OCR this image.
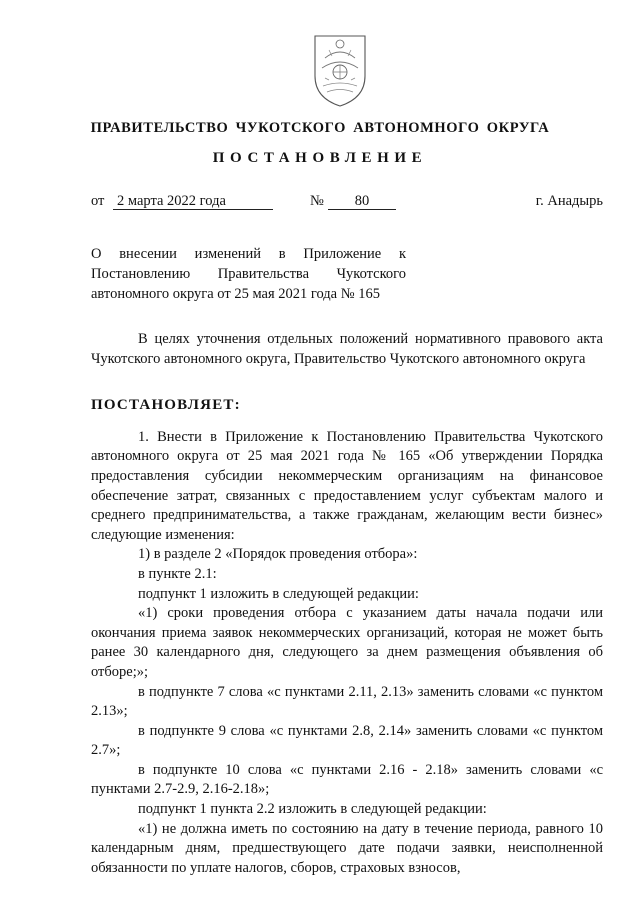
ПРАВИТЕЛЬСТВО ЧУКОТСКОГО АВТОНОМНОГО ОКРУГА
ПОСТАНОВЛЕНИЕ
от 2 марта 2022 года	№	80	г. Анадырь
О внесении изменений в Приложение к Постановлению Правительства Чукотского автономного округа от 25 мая 2021 года № 165

В целях уточнения отдельных положений нормативного правового акта Чукотского автономного округа, Правительство Чукотского автономного округа

ПОСТАНОВЛЯЕТ:

1. Внести в Приложение к Постановлению Правительства Чукотского автономного округа от 25 мая 2021 года № 165 «Об утверждении Порядка предоставления субсидии некоммерческим организациям на финансовое обеспечение затрат, связанных с предоставлением услуг субъектам малого и среднего предпринимательства, а также гражданам, желающим вести бизнес» следующие изменения:

1) в разделе 2 «Порядок проведения отбора»:

в пункте 2.1:

подпункт 1 изложить в следующей редакции:

«1) сроки проведения отбора с указанием даты начала подачи или окончания приема заявок некоммерческих организаций, которая не может быть ранее 30 календарного дня, следующего за днем размещения объявления об отборе;»;

в подпункте 7 слова «с пунктами 2.11, 2.13» заменить словами «с пунктом 2.13»;

в подпункте 9 слова «с пунктами 2.8, 2.14» заменить словами «с пунктом 2.7»;

в подпункте 10 слова «с пунктами 2.16 - 2.18» заменить словами «с пунктами 2.7-2.9, 2.16-2.18»;

подпункт 1 пункта 2.2 изложить в следующей редакции:

«1) не должна иметь по состоянию на дату в течение периода, равного 10 календарным дням, предшествующего дате подачи заявки, неисполненной обязанности по уплате налогов, сборов, страховых взносов,
